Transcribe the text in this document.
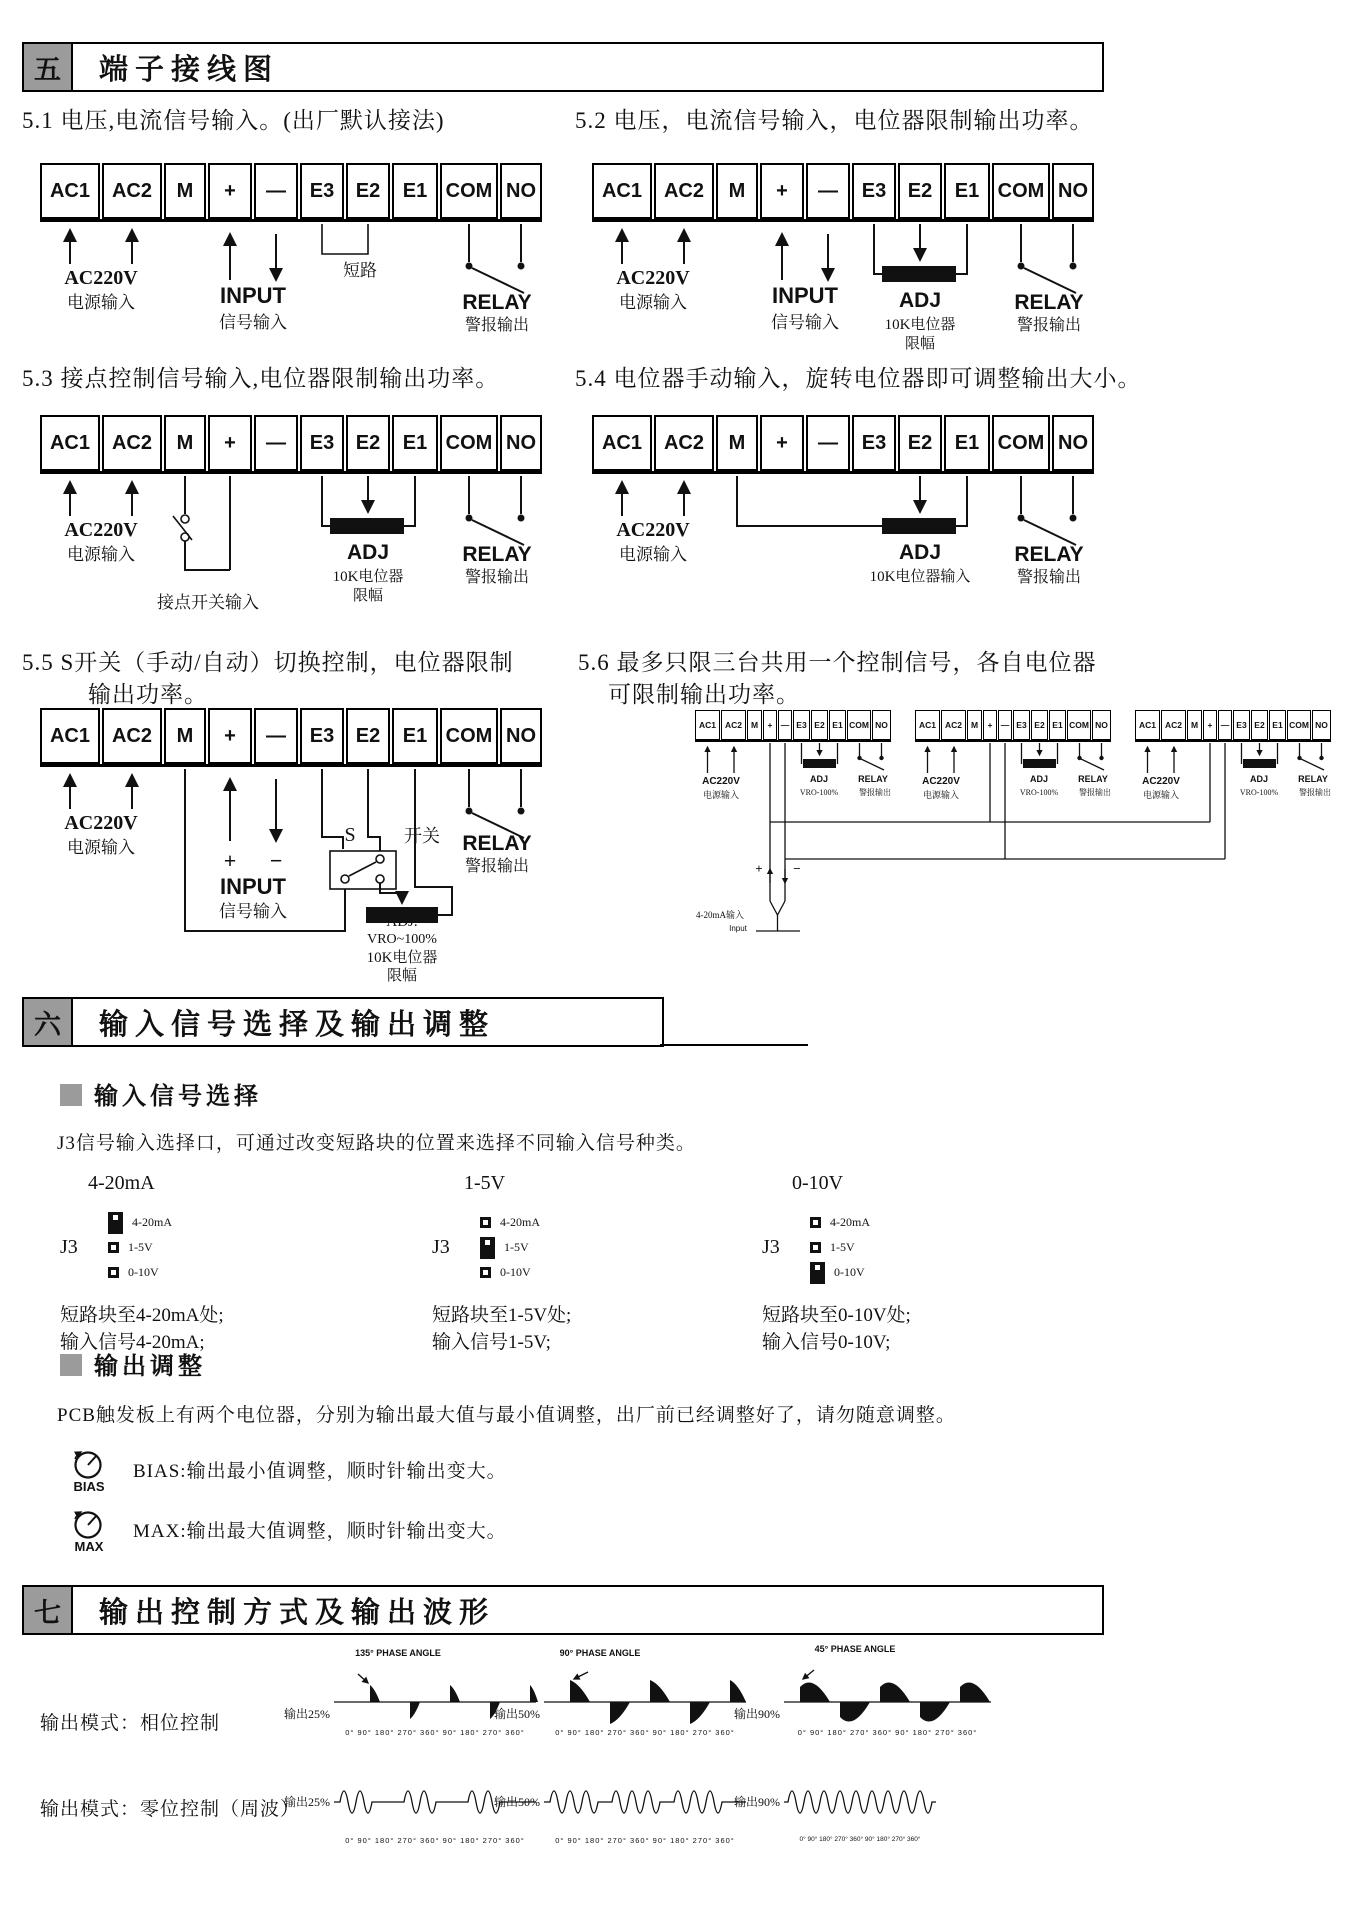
五	端子接线图
5.1 电压,电流信号输入。(出厂默认接法)	5.2 电压，电流信号输入，电位器限制输出功率。
5.3 接点控制信号输入,电位器限制输出功率。	5.4 电位器手动输入，旋转电位器即可调整输出大小。
5.5 S开关（手动/自动）切换控制，电位器限制
输出功率。
5.6 最多只限三台共用一个控制信号，各自电位器
可限制输出功率。
AC1	AC2	M	+	—	E3	E2	E1 COM NO
AC220V
电源输入	INPUT
信号输入
短路
RELAY
警报输出
AC1	AC2	M	+	—	E3	E2	E1 COM NO
AC220V
电源输入	INPUT
信号输入
ADJ
10K电位器
限幅
RELAY
警报输出
AC1	AC2	M	+	—	E3	E2	E1 COM NO
AC220V
电源输入
接点开关输入
ADJ
10K电位器
限幅
RELAY
警报输出
AC1	AC2	M	+	—	E3	E2	E1 COM NO
AC220V
电源输入	ADJ
10K电位器输入
RELAY
警报输出
AC1	AC2	M	+	—	E3	E2	E1 COM NO
AC220V
电源输入
+ −
INPUT
信号输入
S	开关
ADJ.
VRO~100%
10K电位器
限幅
RELAY
警报输出
AC1	AC2	M	+ — E3 E2 E1 COM NO	AC1	AC2	M	+ — E3 E2 E1 COM NO	AC1	AC2	M	+ — E3 E2 E1 COM NO
AC220V
电源输入
ADJ
VRO-100%
RELAY
警报输出
AC220V
电源输入
ADJ
VRO-100%
RELAY
警报输出
AC220V
电源输入
ADJ
VRO-100%
RELAY
警报输出
+ −
4-20mA输入
Input
六	输入信号选择及输出调整
输入信号选择
J3信号输入选择口，可通过改变短路块的位置来选择不同输入信号种类。
4-20mA
J3
4-20mA
1-5V
0-10V
短路块至4-20mA处;
输入信号4-20mA;
1-5V
J3
4-20mA
1-5V
0-10V
短路块至1-5V处;
输入信号1-5V;
0-10V
J3
4-20mA
1-5V
0-10V
短路块至0-10V处;
输入信号0-10V;
输出调整
PCB触发板上有两个电位器，分别为输出最大值与最小值调整，出厂前已经调整好了，请勿随意调整。
BIAS
BIAS:输出最小值调整，顺时针输出变大。
MAX
MAX:输出最大值调整，顺时针输出变大。
七	输出控制方式及输出波形
输出模式：相位控制	输出25%
135° PHASE ANGLE
0° 90° 180° 270° 360° 90° 180° 270° 360°
输出50%
90° PHASE ANGLE
0° 90° 180° 270° 360° 90° 180° 270° 360°
输出90%
45° PHASE ANGLE
0° 90° 180° 270° 360° 90° 180° 270° 360°
输出模式：零位控制（周波）
输出25%
0° 90° 180° 270° 360° 90° 180° 270° 360°
输出50%
0° 90° 180° 270° 360° 90° 180° 270° 360°
输出90%
0° 90° 180° 270° 360° 90° 180° 270° 360°
